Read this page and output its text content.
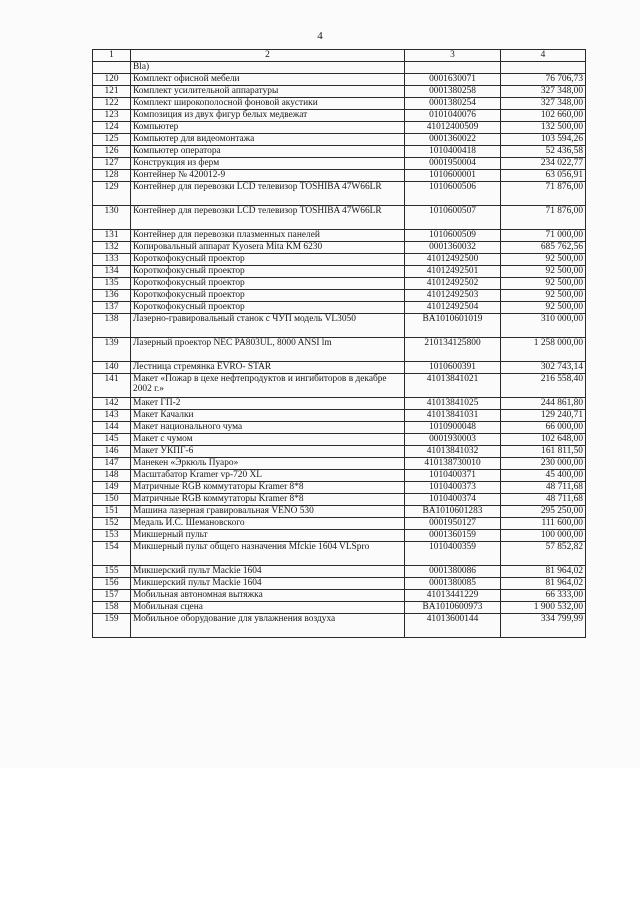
4
1	2	3	4
	Bla)		
120	Комплект офисной мебели	0001630071	76 706,73
121	Комплект усилительной аппаратуры	0001380258	327 348,00
122	Комплект широкополосной фоновой акустики	0001380254	327 348,00
123	Композиция из двух фигур белых медвежат	0101040076	102 660,00
124	Компьютер	41012400509	132 500,00
125	Компьютер для видеомонтажа	0001360022	103 594,26
126	Компьютер оператора	1010400418	52 436,58
127	Конструкция из ферм	0001950004	234 022,77
128	Контейнер № 420012-9	1010600001	63 056,91
129	Контейнер для перевозки LCD телевизор TOSHIBA 47W66LR	1010600506	71 876,00
130	Контейнер для перевозки LCD телевизор TOSHIBA 47W66LR	1010600507	71 876,00
131	Контейнер для перевозки плазменных панелей	1010600509	71 000,00
132	Копировальный аппарат Kyosera Mita KM 6230	0001360032	685 762,56
133	Короткофокусный проектор	41012492500	92 500,00
134	Короткофокусный проектор	41012492501	92 500,00
135	Короткофокусный проектор	41012492502	92 500,00
136	Короткофокусный проектор	41012492503	92 500,00
137	Короткофокусный проектор	41012492504	92 500,00
138	Лазерно-гравировальный станок с ЧУП модель VL3050	BA1010601019	310 000,00
139	Лазерный проектор NEC PA803UL, 8000 ANSI lm	210134125800	1 258 000,00
140	Лестница стремянка EVRO- STAR	1010600391	302 743,14
141	Макет «Пожар в цехе нефтепродуктов и ингибиторов в декабре 2002 г.»	41013841021	216 558,40
142	Макет ГП-2	41013841025	244 861,80
143	Макет Качалки	41013841031	129 240,71
144	Макет национального чума	1010900048	66 000,00
145	Макет с чумом	0001930003	102 648,00
146	Макет УКПГ-6	41013841032	161 811,50
147	Манекен «Эркюль Пуаро»	410138730010	230 000,00
148	Масштабатор Kramer vp-720 XL	1010400371	45 400,00
149	Матричные RGB коммутаторы Kramer 8*8	1010400373	48 711,68
150	Матричные RGB коммутаторы Kramer 8*8	1010400374	48 711,68
151	Машина лазерная гравировальная VENO 530	BA1010601283	295 250,00
152	Медаль И.С. Шемановского	0001950127	111 600,00
153	Микшерный пульт	0001360159	100 000,00
154	Микшерный пульт общего назначения Mfckie 1604 VLSpro	1010400359	57 852,82
155	Микшерский пульт Mackie 1604	0001380086	81 964,02
156	Микшерский пульт Mackie 1604	0001380085	81 964,02
157	Мобильная автономная вытяжка	41013441229	66 333,00
158	Мобильная сцена	BA1010600973	1 900 532,00
159	Мобильное оборудование для увлажнения воздуха	41013600144	334 799,99
